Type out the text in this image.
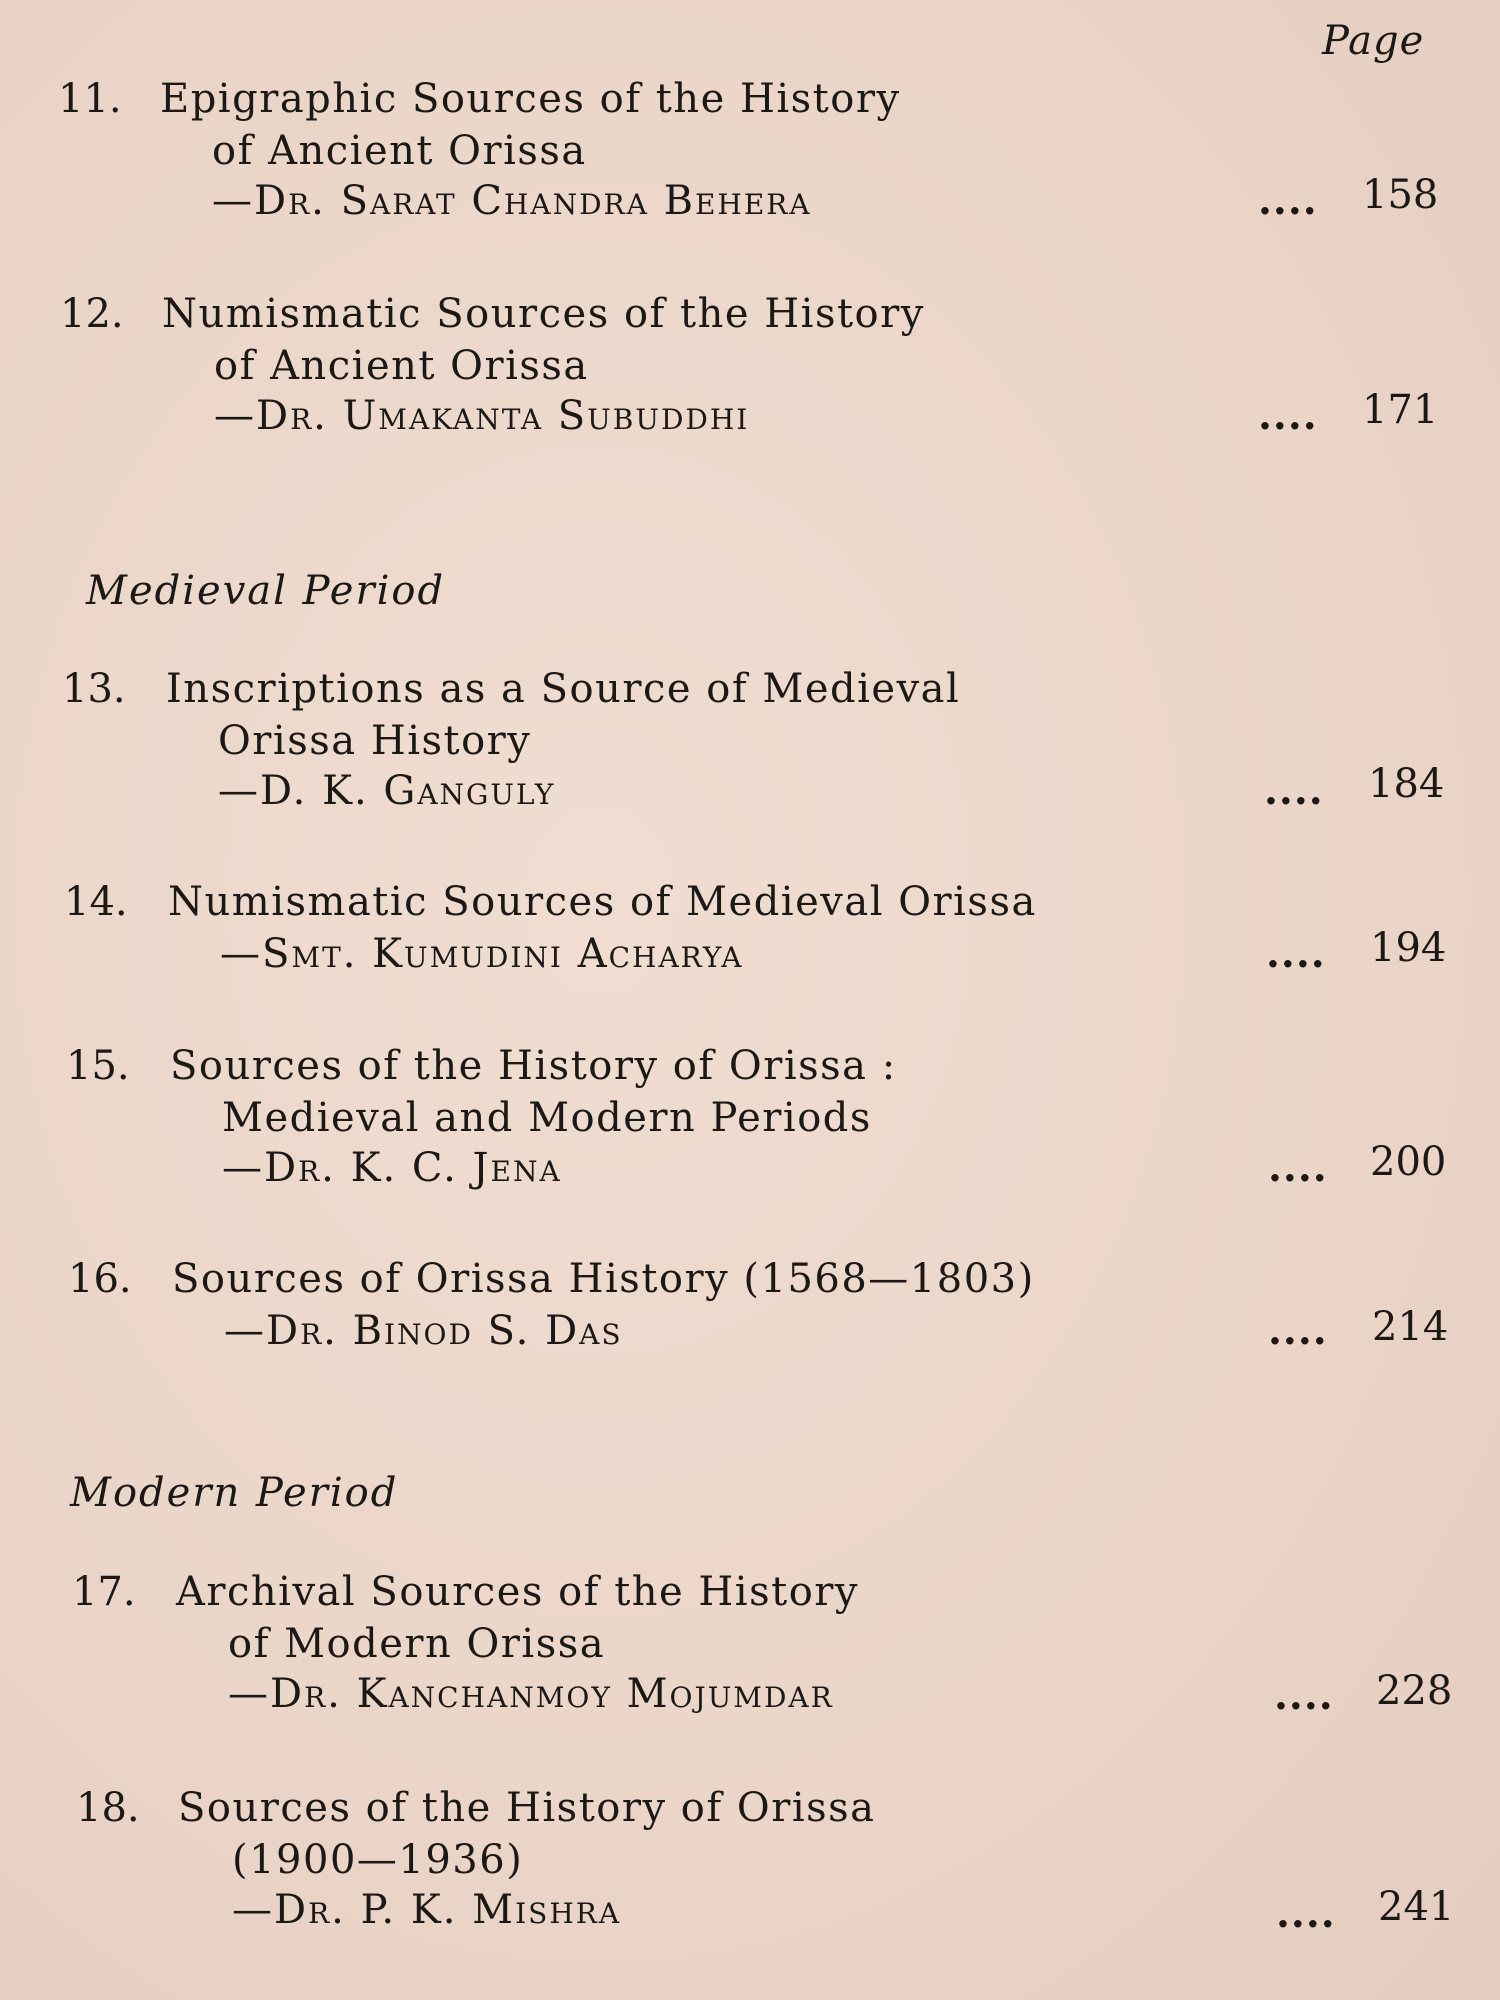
Page
11. Epigraphic Sources of the History
of Ancient Orissa
—Dr. Sarat Chandra Behera	.... 158
12. Numismatic Sources of the History
of Ancient Orissa
—Dr. Umakanta Subuddhi	.... 171
Medieval Period
13. Inscriptions as a Source of Medieval
Orissa History
—D. K. Ganguly	.... 184
14. Numismatic Sources of Medieval Orissa
—Smt. Kumudini Acharya	.... 194
15. Sources of the History of Orissa :
Medieval and Modern Periods
—Dr. K. C. Jena	.... 200
16. Sources of Orissa History (1568—1803)
—Dr. Binod S. Das	.... 214
Modern Period
17. Archival Sources of the History
of Modern Orissa
—Dr. Kanchanmoy Mojumdar	.... 228
18. Sources of the History of Orissa
(1900—1936)
—Dr. P. K. Mishra	.... 241
